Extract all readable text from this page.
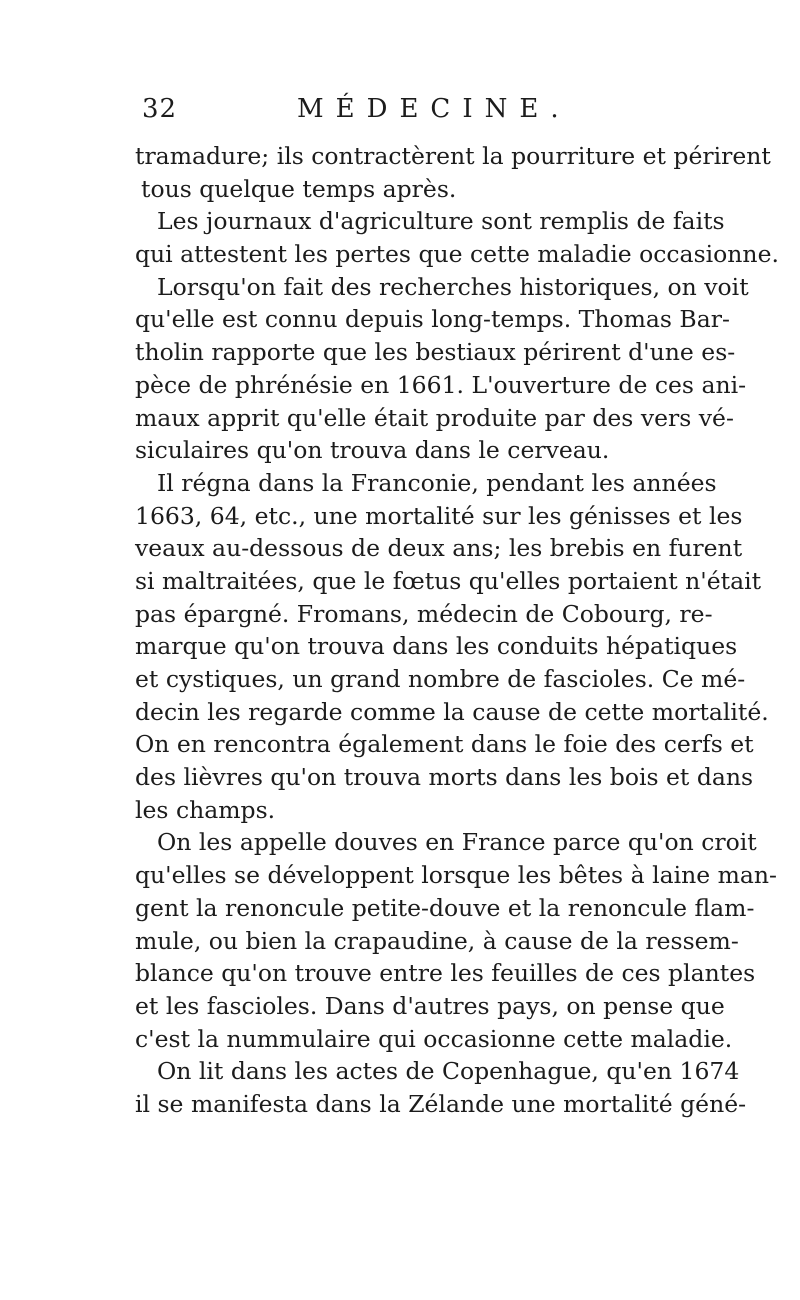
32	MÉDECINE.
tramadure; ils contractèrent la pourriture et périrent
tous quelque temps après.
Les journaux d'agriculture sont remplis de faits
qui attestent les pertes que cette maladie occasionne.
Lorsqu'on fait des recherches historiques, on voit
qu'elle est connu depuis long-temps. Thomas Bar-
tholin rapporte que les bestiaux périrent d'une es-
pèce de phrénésie en 1661. L'ouverture de ces ani-
maux apprit qu'elle était produite par des vers vé-
siculaires qu'on trouva dans le cerveau.
Il régna dans la Franconie, pendant les années
1663, 64, etc., une mortalité sur les génisses et les
veaux au-dessous de deux ans; les brebis en furent
si maltraitées, que le fœtus qu'elles portaient n'était
pas épargné. Fromans, médecin de Cobourg, re-
marque qu'on trouva dans les conduits hépatiques
et cystiques, un grand nombre de fascioles. Ce mé-
decin les regarde comme la cause de cette mortalité.
On en rencontra également dans le foie des cerfs et
des lièvres qu'on trouva morts dans les bois et dans
les champs.
On les appelle douves en France parce qu'on croit
qu'elles se développent lorsque les bêtes à laine man-
gent la renoncule petite-douve et la renoncule flam-
mule, ou bien la crapaudine, à cause de la ressem-
blance qu'on trouve entre les feuilles de ces plantes
et les fascioles. Dans d'autres pays, on pense que
c'est la nummulaire qui occasionne cette maladie.
On lit dans les actes de Copenhague, qu'en 1674
il se manifesta dans la Zélande une mortalité géné-
